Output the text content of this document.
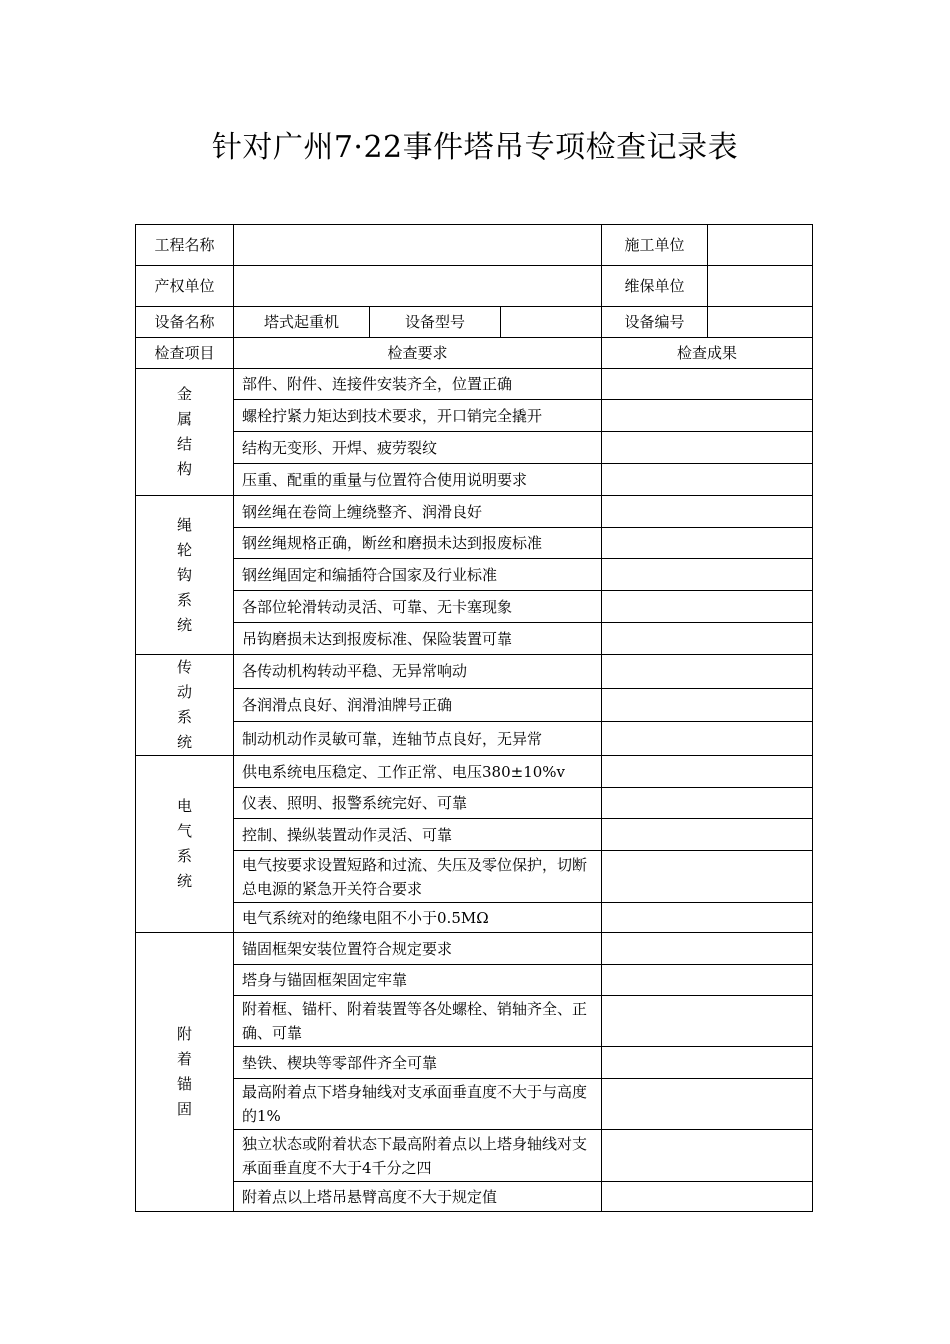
针对广州7·22事件塔吊专项检查记录表
工程名称				施工单位	
产权单位				维保单位	
设备名称	塔式起重机	设备型号		设备编号	
检查项目	检查要求			检查成果	
金属结构	部件、附件、连接件安装齐全，位置正确				
	螺栓拧紧力矩达到技术要求，开口销完全撬开				
	结构无变形、开焊、疲劳裂纹				
	压重、配重的重量与位置符合使用说明要求				
绳轮钩系统	钢丝绳在卷筒上缠绕整齐、润滑良好				
	钢丝绳规格正确，断丝和磨损未达到报废标准				
	钢丝绳固定和编插符合国家及行业标准				
	各部位轮滑转动灵活、可靠、无卡塞现象				
	吊钩磨损未达到报废标准、保险装置可靠				
传动系统	各传动机构转动平稳、无异常响动				
	各润滑点良好、润滑油牌号正确				
	制动机动作灵敏可靠，连轴节点良好，无异常				
电气系统	供电系统电压稳定、工作正常、电压380±10%v				
	仪表、照明、报警系统完好、可靠				
	控制、操纵装置动作灵活、可靠				
	电气按要求设置短路和过流、失压及零位保护，切断总电源的紧急开关符合要求				
	电气系统对的绝缘电阻不小于0.5MΩ				
附着锚固	锚固框架安装位置符合规定要求				
	塔身与锚固框架固定牢靠				
	附着框、锚杆、附着装置等各处螺栓、销轴齐全、正确、可靠				
	垫铁、楔块等零部件齐全可靠				
	最高附着点下塔身轴线对支承面垂直度不大于与高度的1%				
	独立状态或附着状态下最高附着点以上塔身轴线对支承面垂直度不大于4千分之四				
	附着点以上塔吊悬臂高度不大于规定值				
